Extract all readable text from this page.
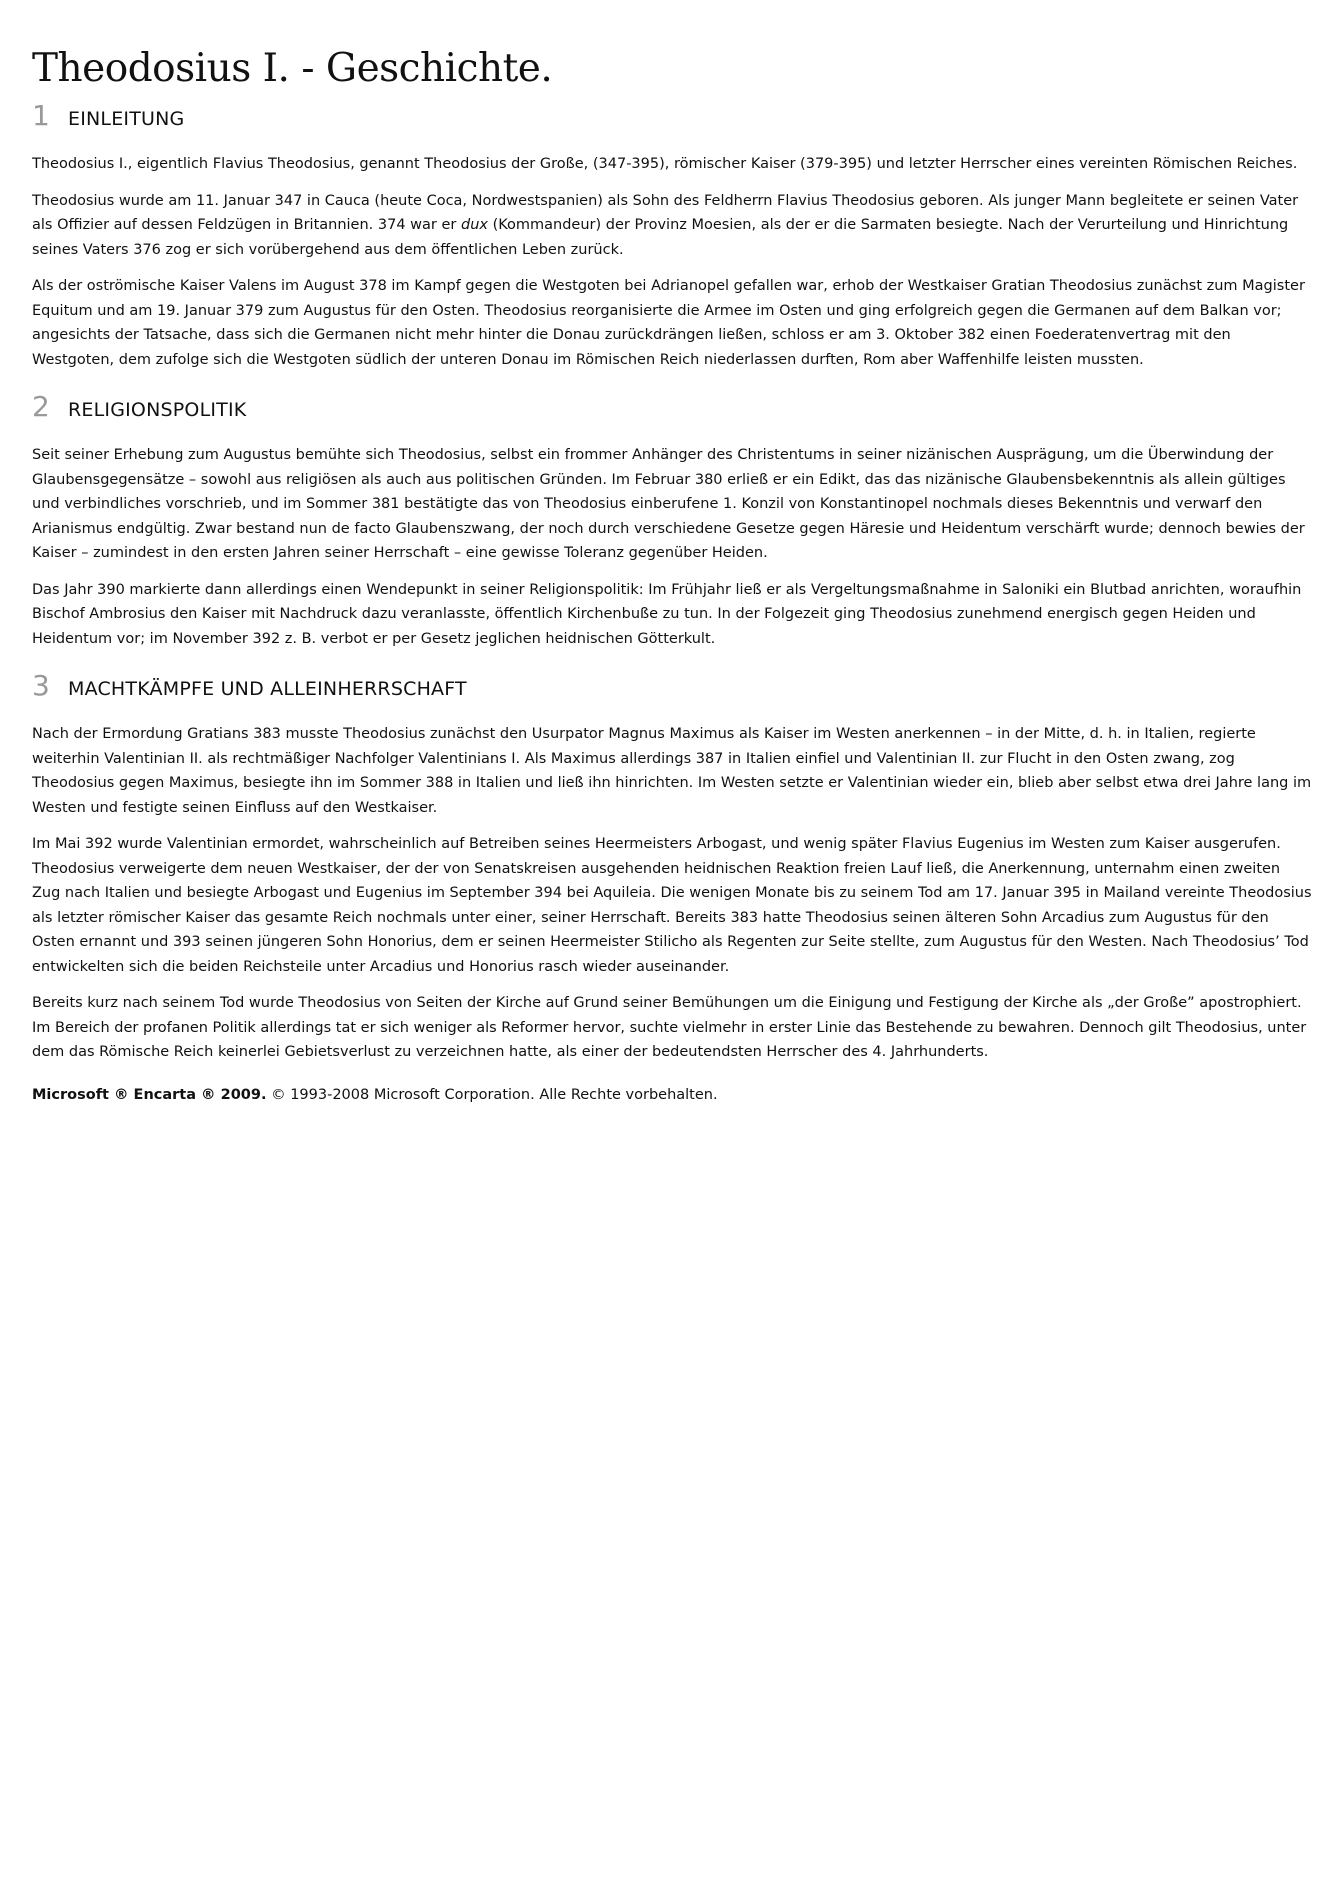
Theodosius I. - Geschichte.
1 EINLEITUNG

Theodosius I., eigentlich Flavius Theodosius, genannt Theodosius der Große, (347-395), römischer Kaiser (379-395) und letzter Herrscher eines vereinten Römischen Reiches.

Theodosius wurde am 11. Januar 347 in Cauca (heute Coca, Nordwestspanien) als Sohn des Feldherrn Flavius Theodosius geboren. Als junger Mann begleitete er seinen Vater als Offizier auf dessen Feldzügen in Britannien. 374 war er dux (Kommandeur) der Provinz Moesien, als der er die Sarmaten besiegte. Nach der Verurteilung und Hinrichtung seines Vaters 376 zog er sich vorübergehend aus dem öffentlichen Leben zurück.

Als der oströmische Kaiser Valens im August 378 im Kampf gegen die Westgoten bei Adrianopel gefallen war, erhob der Westkaiser Gratian Theodosius zunächst zum Magister Equitum und am 19. Januar 379 zum Augustus für den Osten. Theodosius reorganisierte die Armee im Osten und ging erfolgreich gegen die Germanen auf dem Balkan vor; angesichts der Tatsache, dass sich die Germanen nicht mehr hinter die Donau zurückdrängen ließen, schloss er am 3. Oktober 382 einen Foederatenvertrag mit den Westgoten, dem zufolge sich die Westgoten südlich der unteren Donau im Römischen Reich niederlassen durften, Rom aber Waffenhilfe leisten mussten.

2 RELIGIONSPOLITIK

Seit seiner Erhebung zum Augustus bemühte sich Theodosius, selbst ein frommer Anhänger des Christentums in seiner nizänischen Ausprägung, um die Überwindung der Glaubensgegensätze – sowohl aus religiösen als auch aus politischen Gründen. Im Februar 380 erließ er ein Edikt, das das nizänische Glaubensbekenntnis als allein gültiges und verbindliches vorschrieb, und im Sommer 381 bestätigte das von Theodosius einberufene 1. Konzil von Konstantinopel nochmals dieses Bekenntnis und verwarf den Arianismus endgültig. Zwar bestand nun de facto Glaubenszwang, der noch durch verschiedene Gesetze gegen Häresie und Heidentum verschärft wurde; dennoch bewies der Kaiser – zumindest in den ersten Jahren seiner Herrschaft – eine gewisse Toleranz gegenüber Heiden.

Das Jahr 390 markierte dann allerdings einen Wendepunkt in seiner Religionspolitik: Im Frühjahr ließ er als Vergeltungsmaßnahme in Saloniki ein Blutbad anrichten, woraufhin Bischof Ambrosius den Kaiser mit Nachdruck dazu veranlasste, öffentlich Kirchenbuße zu tun. In der Folgezeit ging Theodosius zunehmend energisch gegen Heiden und Heidentum vor; im November 392 z. B. verbot er per Gesetz jeglichen heidnischen Götterkult.

3 MACHTKÄMPFE UND ALLEINHERRSCHAFT

Nach der Ermordung Gratians 383 musste Theodosius zunächst den Usurpator Magnus Maximus als Kaiser im Westen anerkennen – in der Mitte, d. h. in Italien, regierte weiterhin Valentinian II. als rechtmäßiger Nachfolger Valentinians I. Als Maximus allerdings 387 in Italien einfiel und Valentinian II. zur Flucht in den Osten zwang, zog Theodosius gegen Maximus, besiegte ihn im Sommer 388 in Italien und ließ ihn hinrichten. Im Westen setzte er Valentinian wieder ein, blieb aber selbst etwa drei Jahre lang im Westen und festigte seinen Einfluss auf den Westkaiser.

Im Mai 392 wurde Valentinian ermordet, wahrscheinlich auf Betreiben seines Heermeisters Arbogast, und wenig später Flavius Eugenius im Westen zum Kaiser ausgerufen. Theodosius verweigerte dem neuen Westkaiser, der der von Senatskreisen ausgehenden heidnischen Reaktion freien Lauf ließ, die Anerkennung, unternahm einen zweiten Zug nach Italien und besiegte Arbogast und Eugenius im September 394 bei Aquileia. Die wenigen Monate bis zu seinem Tod am 17. Januar 395 in Mailand vereinte Theodosius als letzter römischer Kaiser das gesamte Reich nochmals unter einer, seiner Herrschaft. Bereits 383 hatte Theodosius seinen älteren Sohn Arcadius zum Augustus für den Osten ernannt und 393 seinen jüngeren Sohn Honorius, dem er seinen Heermeister Stilicho als Regenten zur Seite stellte, zum Augustus für den Westen. Nach Theodosius’ Tod entwickelten sich die beiden Reichsteile unter Arcadius und Honorius rasch wieder auseinander.

Bereits kurz nach seinem Tod wurde Theodosius von Seiten der Kirche auf Grund seiner Bemühungen um die Einigung und Festigung der Kirche als „der Große” apostrophiert. Im Bereich der profanen Politik allerdings tat er sich weniger als Reformer hervor, suchte vielmehr in erster Linie das Bestehende zu bewahren. Dennoch gilt Theodosius, unter dem das Römische Reich keinerlei Gebietsverlust zu verzeichnen hatte, als einer der bedeutendsten Herrscher des 4. Jahrhunderts.

Microsoft ® Encarta ® 2009. © 1993-2008 Microsoft Corporation. Alle Rechte vorbehalten.
